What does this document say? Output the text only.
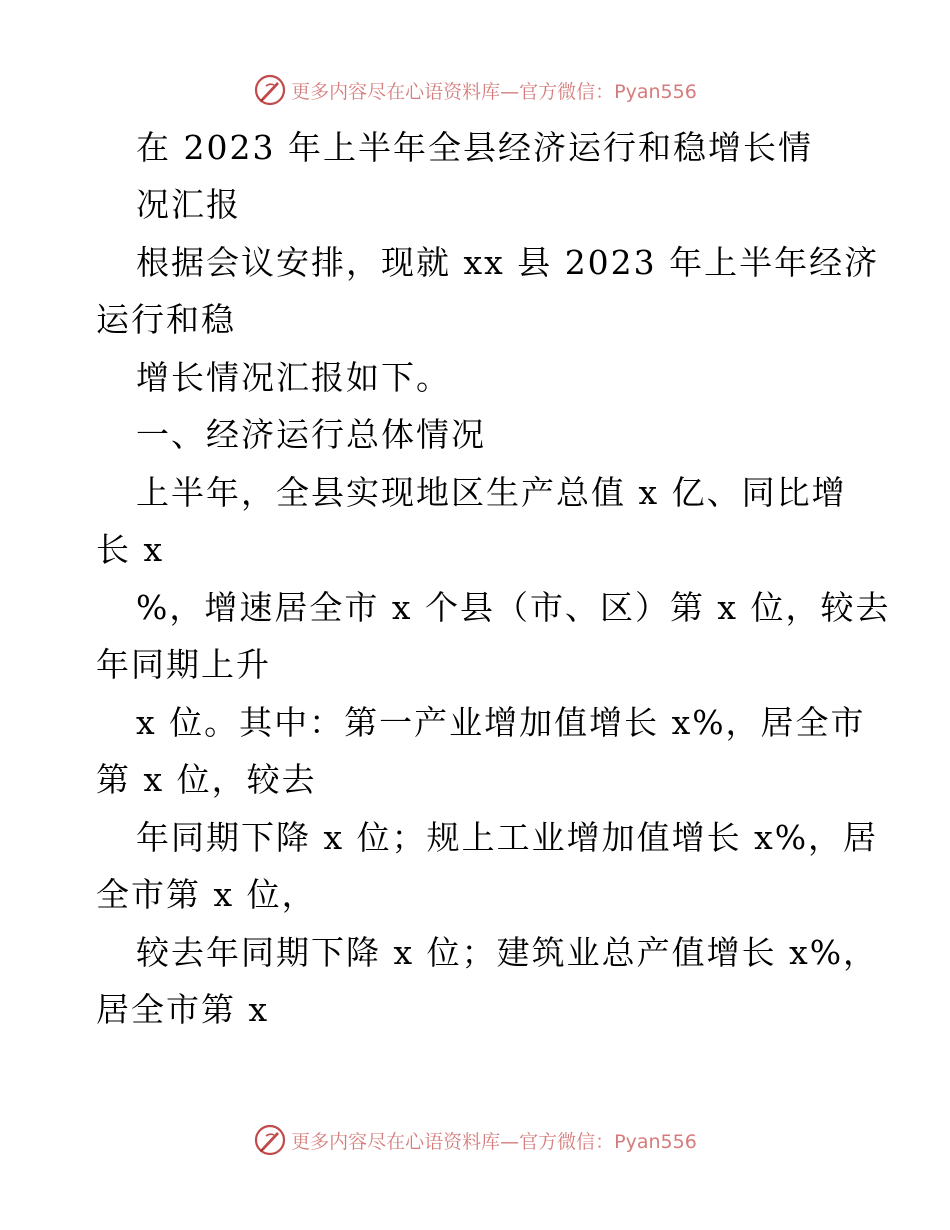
更多内容尽在心语资料库—官方微信：Pyan556
在 2023 年上半年全县经济运行和稳增长情
况汇报
根据会议安排，现就 xx 县 2023 年上半年经济
运行和稳
增长情况汇报如下。
一、经济运行总体情况
上半年，全县实现地区生产总值 x 亿、同比增
长 x
%，增速居全市 x 个县（市、区）第 x 位，较去
年同期上升
x 位。其中：第一产业增加值增长 x%，居全市
第 x 位，较去
年同期下降 x 位；规上工业增加值增长 x%，居
全市第 x 位，
较去年同期下降 x 位；建筑业总产值增长 x%，
居全市第 x
更多内容尽在心语资料库—官方微信：Pyan556
